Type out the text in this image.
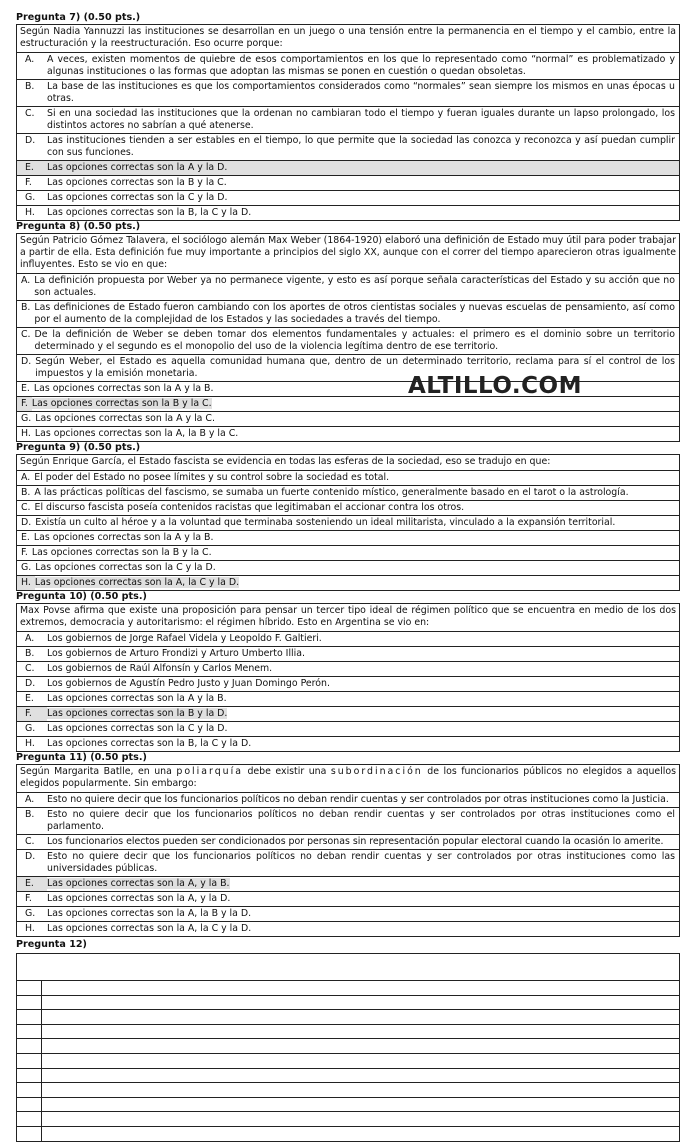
Pregunta 7) (0.50 pts.)
Según Nadia Yannuzzi las instituciones se desarrollan en un juego o una tensión entre la permanencia en el tiempo y el cambio, entre la estructuración y la reestructuración. Eso ocurre porque:
A.	A veces, existen momentos de quiebre de esos comportamientos en los que lo representado como “normal” es problematizado y algunas instituciones o las formas que adoptan las mismas se ponen en cuestión o quedan obsoletas.
B.	La base de las instituciones es que los comportamientos considerados como “normales” sean siempre los mismos en unas épocas u otras.
C.	Si en una sociedad las instituciones que la ordenan no cambiaran todo el tiempo y fueran iguales durante un lapso prolongado, los distintos actores no sabrían a qué atenerse.
D.	Las instituciones tienden a ser estables en el tiempo, lo que permite que la sociedad las conozca y reconozca y así puedan cumplir con sus funciones.
E.	Las opciones correctas son la A y la D.
F.	Las opciones correctas son la B y la C.
G.	Las opciones correctas son la C y la D.
H.	Las opciones correctas son la B, la C y la D.
Pregunta 8) (0.50 pts.)
Según Patricio Gómez Talavera, el sociólogo alemán Max Weber (1864-1920) elaboró una definición de Estado muy útil para poder trabajar a partir de ella. Esta definición fue muy importante a principios del siglo XX, aunque con el correr del tiempo aparecieron otras igualmente influyentes. Esto se vio en que:
A. La definición propuesta por Weber ya no permanece vigente, y esto es así porque señala características del Estado y su acción que no son actuales.
B. Las definiciones de Estado fueron cambiando con los aportes de otros cientistas sociales y nuevas escuelas de pensamiento, así como por el aumento de la complejidad de los Estados y las sociedades a través del tiempo.
C. De la definición de Weber se deben tomar dos elementos fundamentales y actuales: el primero es el dominio sobre un territorio determinado y el segundo es el monopolio del uso de la violencia legítima dentro de ese territorio.
D. Según Weber, el Estado es aquella comunidad humana que, dentro de un determinado territorio, reclama para sí el control de los impuestos y la emisión monetaria.
E. Las opciones correctas son la A y la B.
F. Las opciones correctas son la B y la C.
G. Las opciones correctas son la A y la C.
H. Las opciones correctas son la A, la B y la C.
Pregunta 9) (0.50 pts.)
Según Enrique García, el Estado fascista se evidencia en todas las esferas de la sociedad, eso se tradujo en que:
A. El poder del Estado no posee límites y su control sobre la sociedad es total.
B. A las prácticas políticas del fascismo, se sumaba un fuerte contenido místico, generalmente basado en el tarot o la astrología.
C. El discurso fascista poseía contenidos racistas que legitimaban el accionar contra los otros.
D. Existía un culto al héroe y a la voluntad que terminaba sosteniendo un ideal militarista, vinculado a la expansión territorial.
E. Las opciones correctas son la A y la B.
F. Las opciones correctas son la B y la C.
G. Las opciones correctas son la C y la D.
H. Las opciones correctas son la A, la C y la D.
Pregunta 10) (0.50 pts.)
Max Povse afirma que existe una proposición para pensar un tercer tipo ideal de régimen político que se encuentra en medio de los dos extremos, democracia y autoritarismo: el régimen híbrido. Esto en Argentina se vio en:
A.	Los gobiernos de Jorge Rafael Videla y Leopoldo F. Galtieri.
B.	Los gobiernos de Arturo Frondizi y Arturo Umberto Illia.
C.	Los gobiernos de Raúl Alfonsín y Carlos Menem.
D.	Los gobiernos de Agustín Pedro Justo y Juan Domingo Perón.
E.	Las opciones correctas son la A y la B.
F.	Las opciones correctas son la B y la D.
G.	Las opciones correctas son la C y la D.
H.	Las opciones correctas son la B, la C y la D.
Pregunta 11) (0.50 pts.)
Según Margarita Batlle, en una poliarquía debe existir una subordinación de los funcionarios públicos no elegidos a aquellos elegidos popularmente. Sin embargo:
A.	Esto no quiere decir que los funcionarios políticos no deban rendir cuentas y ser controlados por otras instituciones como la Justicia.
B.	Esto no quiere decir que los funcionarios políticos no deban rendir cuentas y ser controlados por otras instituciones como el parlamento.
C.	Los funcionarios electos pueden ser condicionados por personas sin representación popular electoral cuando la ocasión lo amerite.
D.	Esto no quiere decir que los funcionarios políticos no deban rendir cuentas y ser controlados por otras instituciones como las universidades públicas.
E.	Las opciones correctas son la A, y la B.
F.	Las opciones correctas son la A, y la D.
G.	Las opciones correctas son la A, la B y la D.
H.	Las opciones correctas son la A, la C y la D.
Pregunta 12)
ALTILLO.COM
